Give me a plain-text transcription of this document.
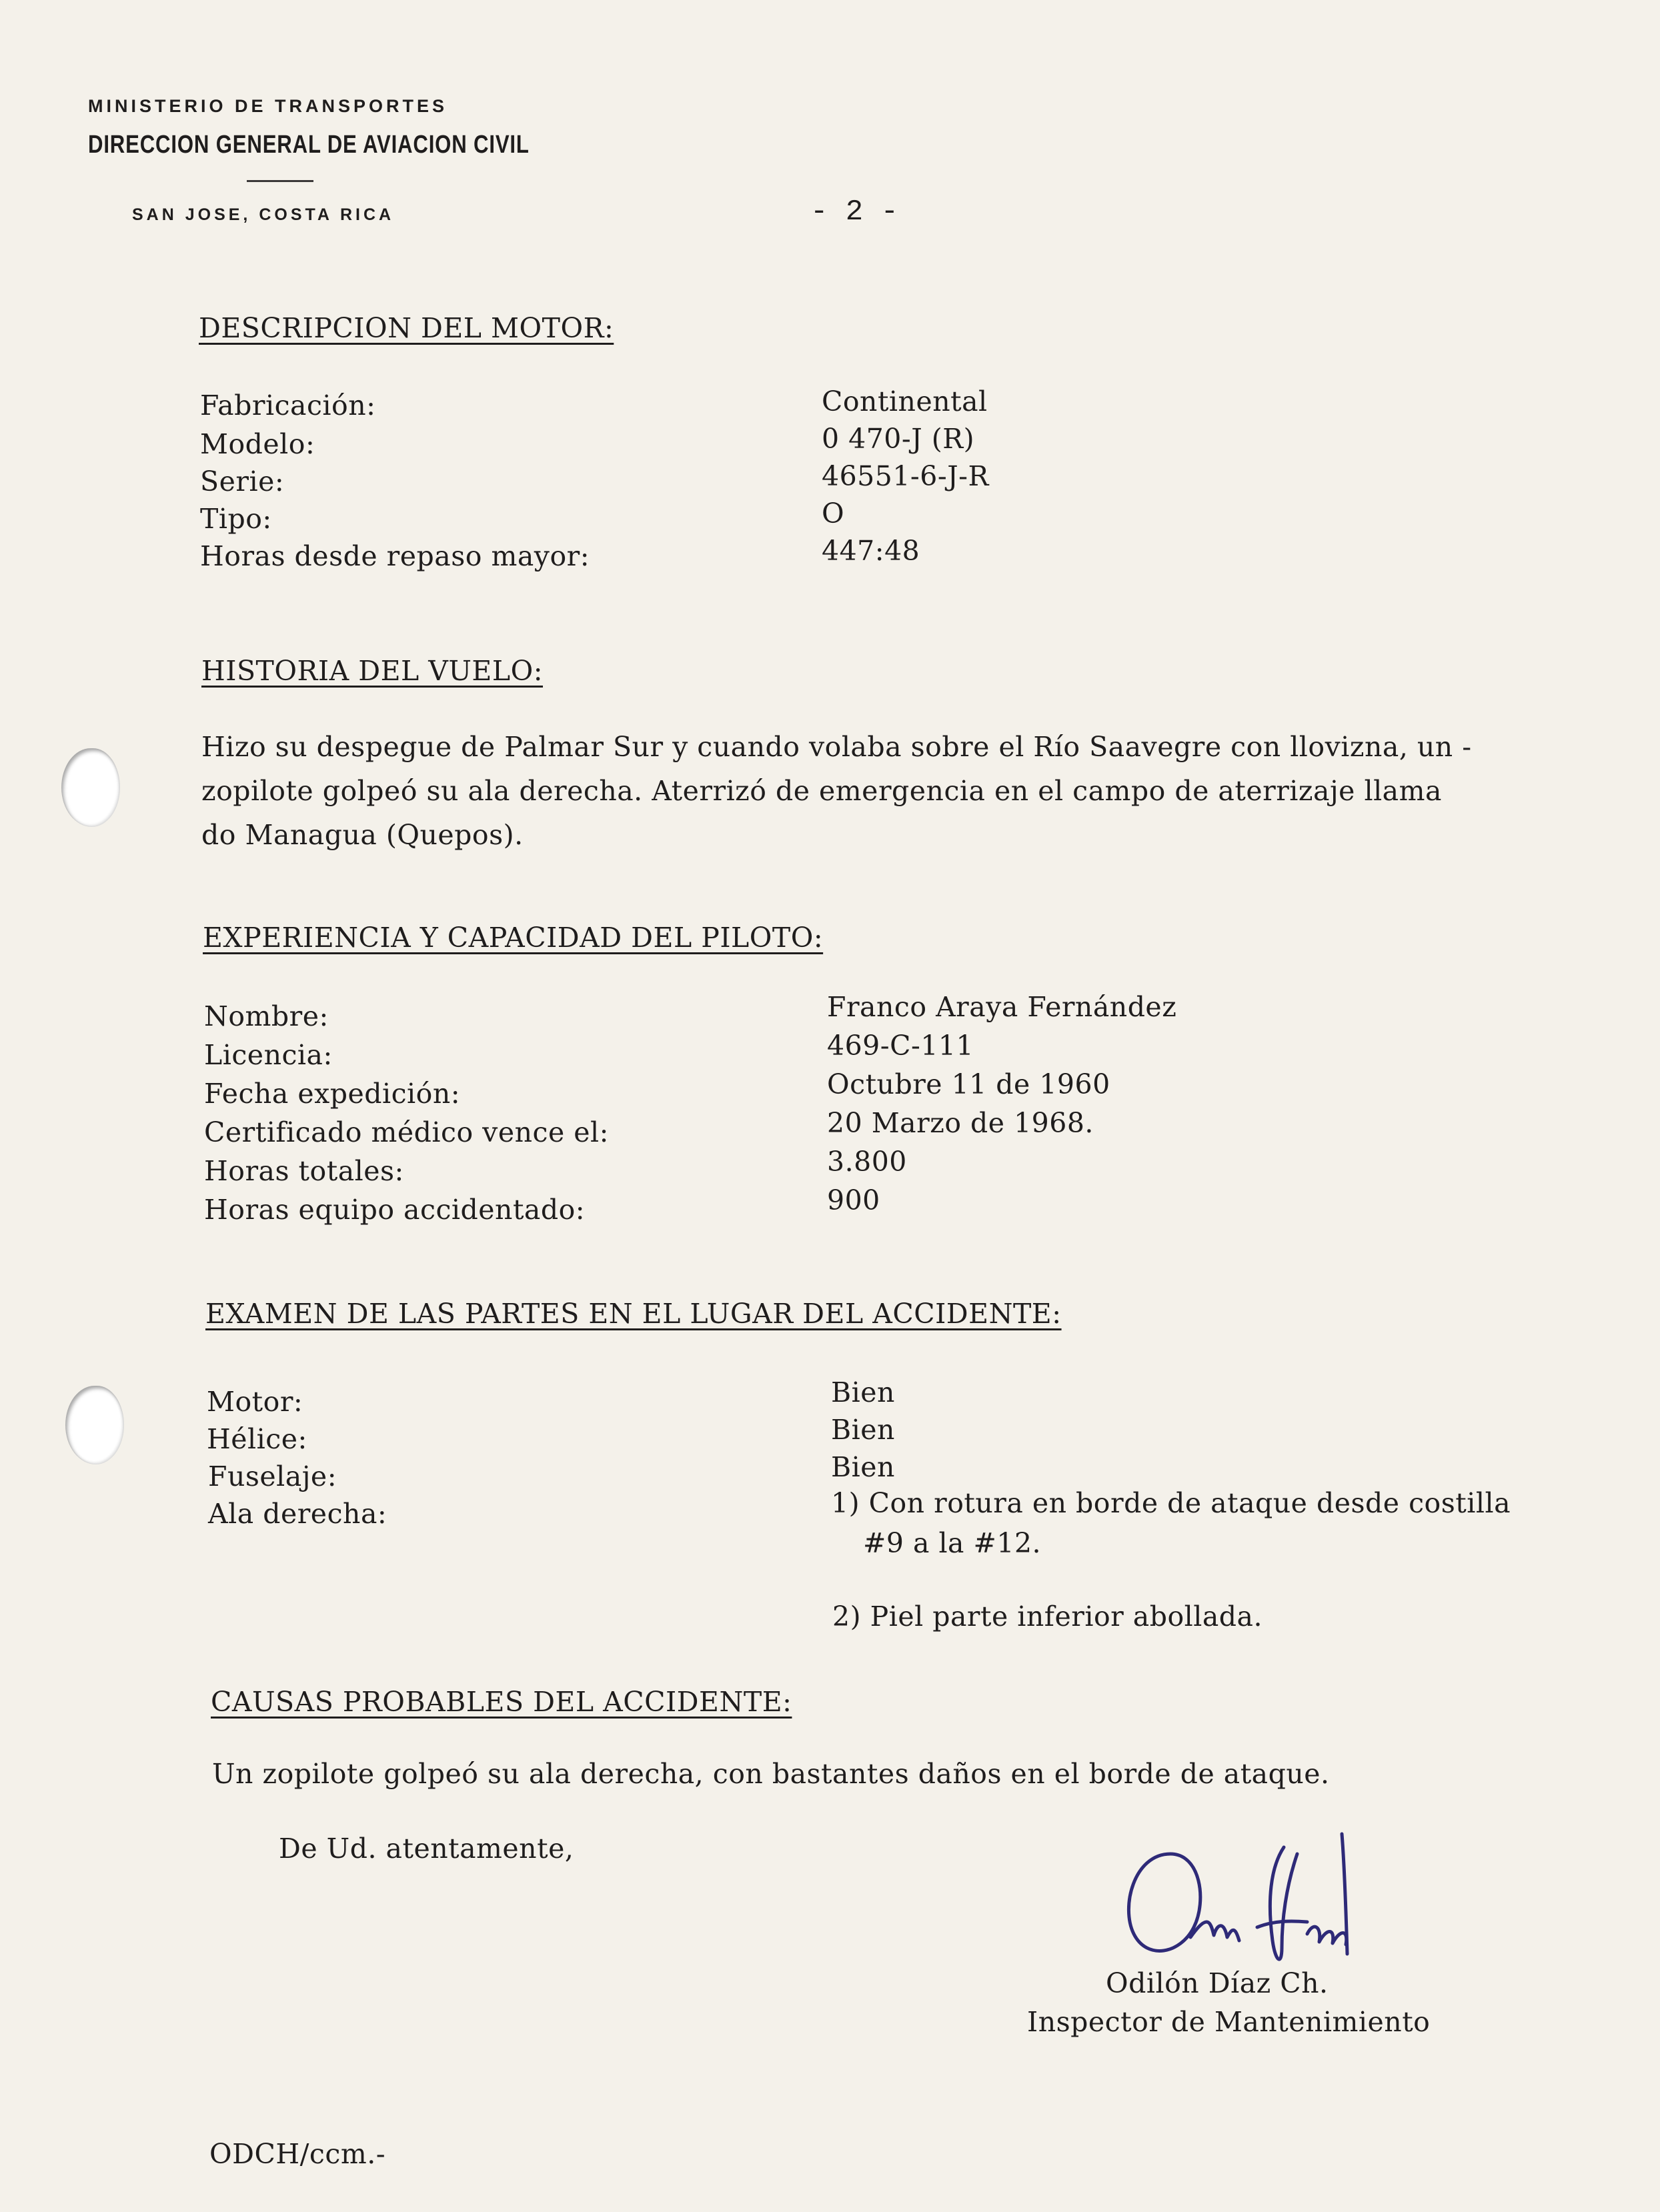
MINISTERIO DE TRANSPORTES
DIRECCION GENERAL DE AVIACION CIVIL
SAN JOSE, COSTA RICA	- 2 -
DESCRIPCION DEL MOTOR:
Fabricación:	Continental
Modelo:	0 470-J (R)
Serie:	46551-6-J-R
Tipo:	O
Horas desde repaso mayor:	447:48
HISTORIA DEL VUELO:
Hizo su despegue de Palmar Sur y cuando volaba sobre el Río Saavegre con llovizna, un -
zopilote golpeó su ala derecha. Aterrizó de emergencia en el campo de aterrizaje llama
do Managua (Quepos).
EXPERIENCIA Y CAPACIDAD DEL PILOTO:
Nombre:	Franco Araya Fernández
Licencia:	469-C-111
Fecha expedición:	Octubre 11 de 1960
Certificado médico vence el:	20 Marzo de 1968.
Horas totales:	3.800
Horas equipo accidentado:	900
EXAMEN DE LAS PARTES EN EL LUGAR DEL ACCIDENTE:
Motor:	Bien
Hélice:	Bien
Fuselaje:	Bien
Ala derecha:	1) Con rotura en borde de ataque desde costilla
#9 a la #12.
2) Piel parte inferior abollada.
CAUSAS PROBABLES DEL ACCIDENTE:
Un zopilote golpeó su ala derecha, con bastantes daños en el borde de ataque.
De Ud. atentamente,
Odilón Díaz Ch.
Inspector de Mantenimiento
ODCH/ccm.-
